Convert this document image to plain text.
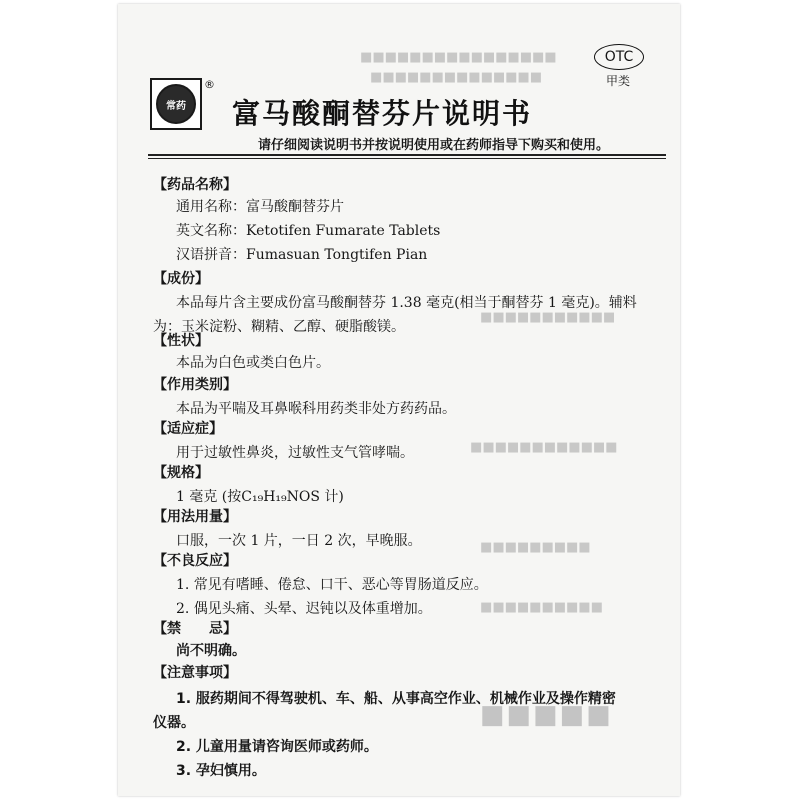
■■■■■■■■■■■■■■■■
■■■■■■■■■■■■■■
■■■■■■■■■■■
■■■■■■■■■■■■
■■■■■■■■■
■■■■■■■■■■
常药
®
富马酸酮替芬片说明书
OTC
甲类
请仔细阅读说明书并按说明使用或在药师指导下购买和使用。
【药品名称】
通用名称：富马酸酮替芬片
英文名称：Ketotifen Fumarate Tablets
汉语拼音：Fumasuan Tongtifen Pian
【成份】
本品每片含主要成份富马酸酮替芬 1.38 毫克(相当于酮替芬 1 毫克)。辅料
为：玉米淀粉、糊精、乙醇、硬脂酸镁。
【性状】
本品为白色或类白色片。
【作用类别】
本品为平喘及耳鼻喉科用药类非处方药药品。
【适应症】
用于过敏性鼻炎，过敏性支气管哮喘。
【规格】
1 毫克 (按C₁₉H₁₉NOS 计)
【用法用量】
口服，一次 1 片，一日 2 次，早晚服。
【不良反应】
1. 常见有嗜睡、倦怠、口干、恶心等胃肠道反应。
2. 偶见头痛、头晕、迟钝以及体重增加。
【禁　　忌】
尚不明确。
【注意事项】
1. 服药期间不得驾驶机、车、船、从事高空作业、机械作业及操作精密
仪器。
2. 儿童用量请咨询医师或药师。
3. 孕妇慎用。
■■■■■
